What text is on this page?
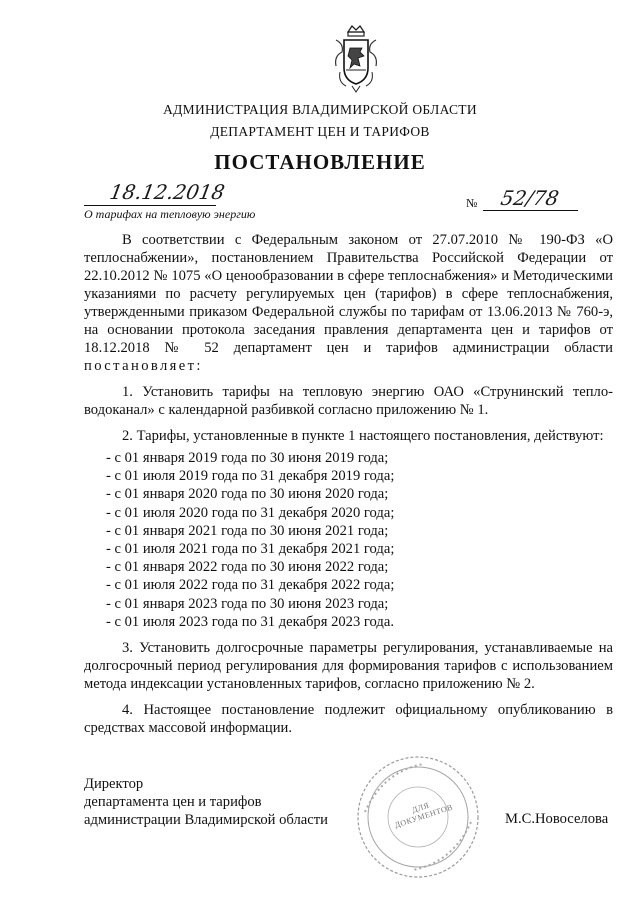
АДМИНИСТРАЦИЯ ВЛАДИМИРСКОЙ ОБЛАСТИ
ДЕПАРТАМЕНТ ЦЕН И ТАРИФОВ
ПОСТАНОВЛЕНИЕ
18.12.2018	№ 52/78
О тарифах на тепловую энергию

В соответствии с Федеральным законом от 27.07.2010 № 190-ФЗ «О теплоснабжении», постановлением Правительства Российской Федерации от 22.10.2012 № 1075 «О ценообразовании в сфере теплоснабжения» и Методическими указаниями по расчету регулируемых цен (тарифов) в сфере теплоснабжения, утвержденными приказом Федеральной службы по тарифам от 13.06.2013 № 760-э, на основании протокола заседания правления департамента цен и тарифов от 18.12.2018 № 52 департамент цен и тарифов администрации области постановляет:

1. Установить тарифы на тепловую энергию ОАО «Струнинский тепло-водоканал» с календарной разбивкой согласно приложению № 1.

2. Тарифы, установленные в пункте 1 настоящего постановления, действуют:

- с 01 января 2019 года по 30 июня 2019 года;
- с 01 июля 2019 года по 31 декабря 2019 года;
- с 01 января 2020 года по 30 июня 2020 года;
- с 01 июля 2020 года по 31 декабря 2020 года;
- с 01 января 2021 года по 30 июня 2021 года;
- с 01 июля 2021 года по 31 декабря 2021 года;
- с 01 января 2022 года по 30 июня 2022 года;
- с 01 июля 2022 года по 31 декабря 2022 года;
- с 01 января 2023 года по 30 июня 2023 года;
- с 01 июля 2023 года по 31 декабря 2023 года.

3. Установить долгосрочные параметры регулирования, устанавливаемые на долгосрочный период регулирования для формирования тарифов с использованием метода индексации установленных тарифов, согласно приложению № 2.

4. Настоящее постановление подлежит официальному опубликованию в средствах массовой информации.

Директор
департамента цен и тарифов
администрации Владимирской области
ДЛЯ ДОКУМЕНТОВ	М.С.Новоселова
